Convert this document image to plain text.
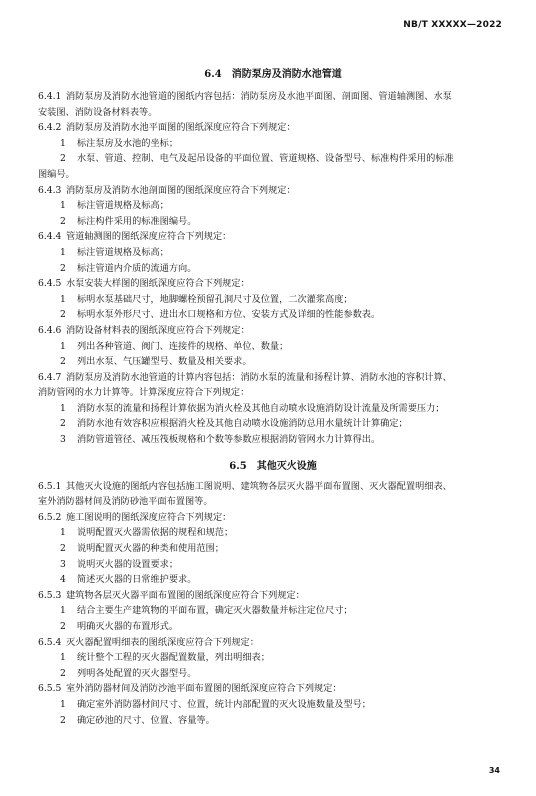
NB/T XXXXX—2022
6.4 消防泵房及消防水池管道
6.4.1 消防泵房及消防水池管道的图纸内容包括：消防泵房及水池平面图、剖面图、管道轴测图、水泵
安装图、消防设备材料表等。
6.4.2 消防泵房及消防水池平面图的图纸深度应符合下列规定：
1 标注泵房及水池的坐标；
2 水泵、管道、控制、电气及起吊设备的平面位置、管道规格、设备型号、标准构件采用的标准
图编号。
6.4.3 消防泵房及消防水池剖面图的图纸深度应符合下列规定：
1 标注管道规格及标高；
2 标注构件采用的标准图编号。
6.4.4 管道轴测图的图纸深度应符合下列规定：
1 标注管道规格及标高；
2 标注管道内介质的流通方向。
6.4.5 水泵安装大样图的图纸深度应符合下列规定：
1 标明水泵基础尺寸，地脚螺栓预留孔洞尺寸及位置，二次灌浆高度；
2 标明水泵外形尺寸、进出水口规格和方位、安装方式及详细的性能参数表。
6.4.6 消防设备材料表的图纸深度应符合下列规定：
1 列出各种管道、阀门、连接件的规格、单位、数量；
2 列出水泵、气压罐型号、数量及相关要求。
6.4.7 消防泵房及消防水池管道的计算内容包括：消防水泵的流量和扬程计算、消防水池的容积计算、
消防管网的水力计算等。计算深度应符合下列规定：
1 消防水泵的流量和扬程计算依据为消火栓及其他自动喷水设施消防设计流量及所需要压力；
2 消防水池有效容积应根据消火栓及其他自动喷水设施消防总用水量统计计算确定；
3 消防管道管径、减压筏板规格和个数等参数应根据消防管网水力计算得出。
6.5 其他灭火设施
6.5.1 其他灭火设施的图纸内容包括施工图说明、建筑物各层灭火器平面布置图、灭火器配置明细表、
室外消防器材间及消防砂池平面布置图等。
6.5.2 施工图说明的图纸深度应符合下列规定：
1 说明配置灭火器需依据的规程和规范；
2 说明配置灭火器的种类和使用范围；
3 说明灭火器的设置要求；
4 简述灭火器的日常维护要求。
6.5.3 建筑物各层灭火器平面布置图的图纸深度应符合下列规定：
1 结合主要生产建筑物的平面布置，确定灭火器数量并标注定位尺寸；
2 明确灭火器的布置形式。
6.5.4 灭火器配置明细表的图纸深度应符合下列规定：
1 统计整个工程的灭火器配置数量，列出明细表；
2 列明各处配置的灭火器型号。
6.5.5 室外消防器材间及消防沙池平面布置图的图纸深度应符合下列规定：
1 确定室外消防器材间尺寸、位置，统计内部配置的灭火设施数量及型号；
2 确定砂池的尺寸、位置、容量等。
34
